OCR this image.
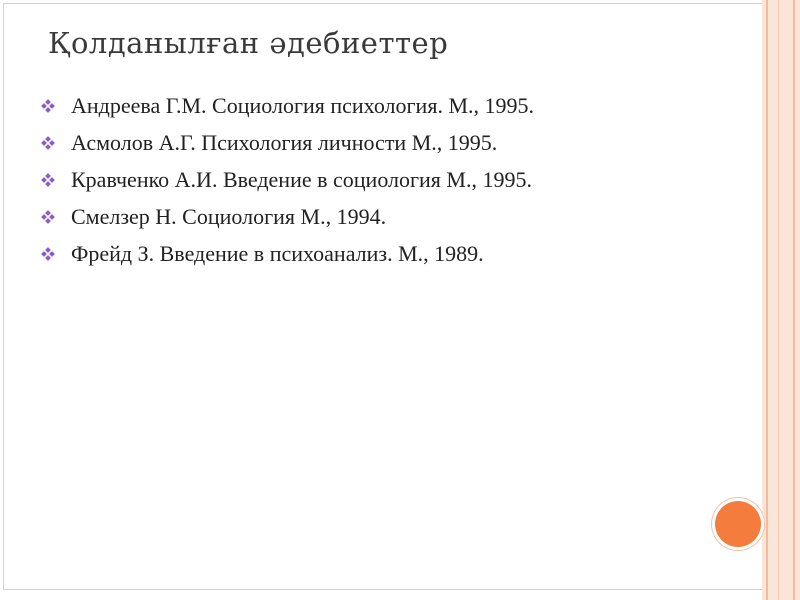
Қолданылған әдебиеттер
Андреева Г.М. Социология психология. М., 1995.
Асмолов А.Г. Психология личности М., 1995.
Кравченко А.И. Введение в социология М., 1995.
Смелзер Н. Социология М., 1994.
Фрейд З. Введение в психоанализ. М., 1989.
